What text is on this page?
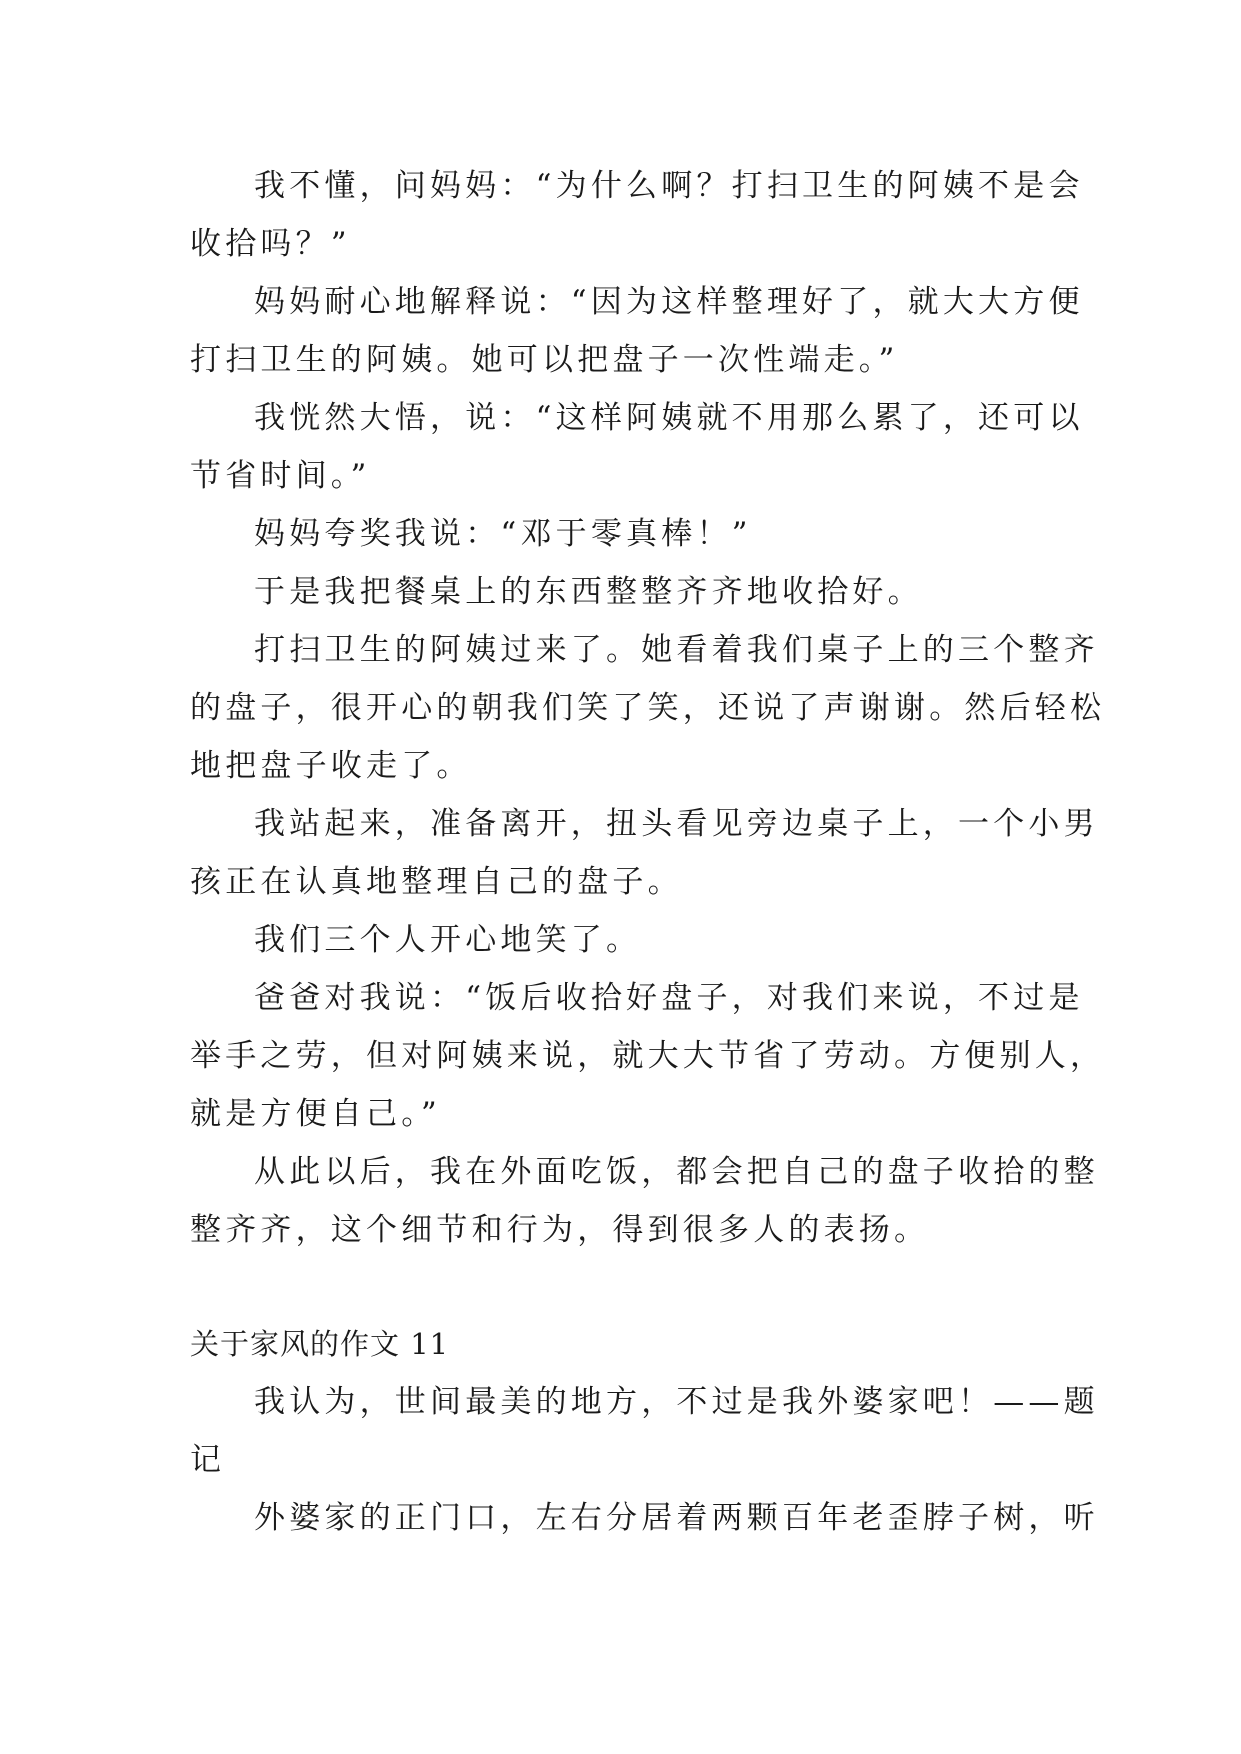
我不懂，问妈妈：“为什么啊？打扫卫生的阿姨不是会
收拾吗？”
妈妈耐心地解释说：“因为这样整理好了，就大大方便
打扫卫生的阿姨。她可以把盘子一次性端走。”
我恍然大悟，说：“这样阿姨就不用那么累了，还可以
节省时间。”
妈妈夸奖我说：“邓于零真棒！”
于是我把餐桌上的东西整整齐齐地收拾好。
打扫卫生的阿姨过来了。她看着我们桌子上的三个整齐
的盘子，很开心的朝我们笑了笑，还说了声谢谢。然后轻松
地把盘子收走了。
我站起来，准备离开，扭头看见旁边桌子上，一个小男
孩正在认真地整理自己的盘子。
我们三个人开心地笑了。
爸爸对我说：“饭后收拾好盘子，对我们来说，不过是
举手之劳，但对阿姨来说，就大大节省了劳动。方便别人，
就是方便自己。”
从此以后，我在外面吃饭，都会把自己的盘子收拾的整
整齐齐，这个细节和行为，得到很多人的表扬。
关于家风的作文 11
我认为，世间最美的地方，不过是我外婆家吧！——题
记
外婆家的正门口，左右分居着两颗百年老歪脖子树，听
